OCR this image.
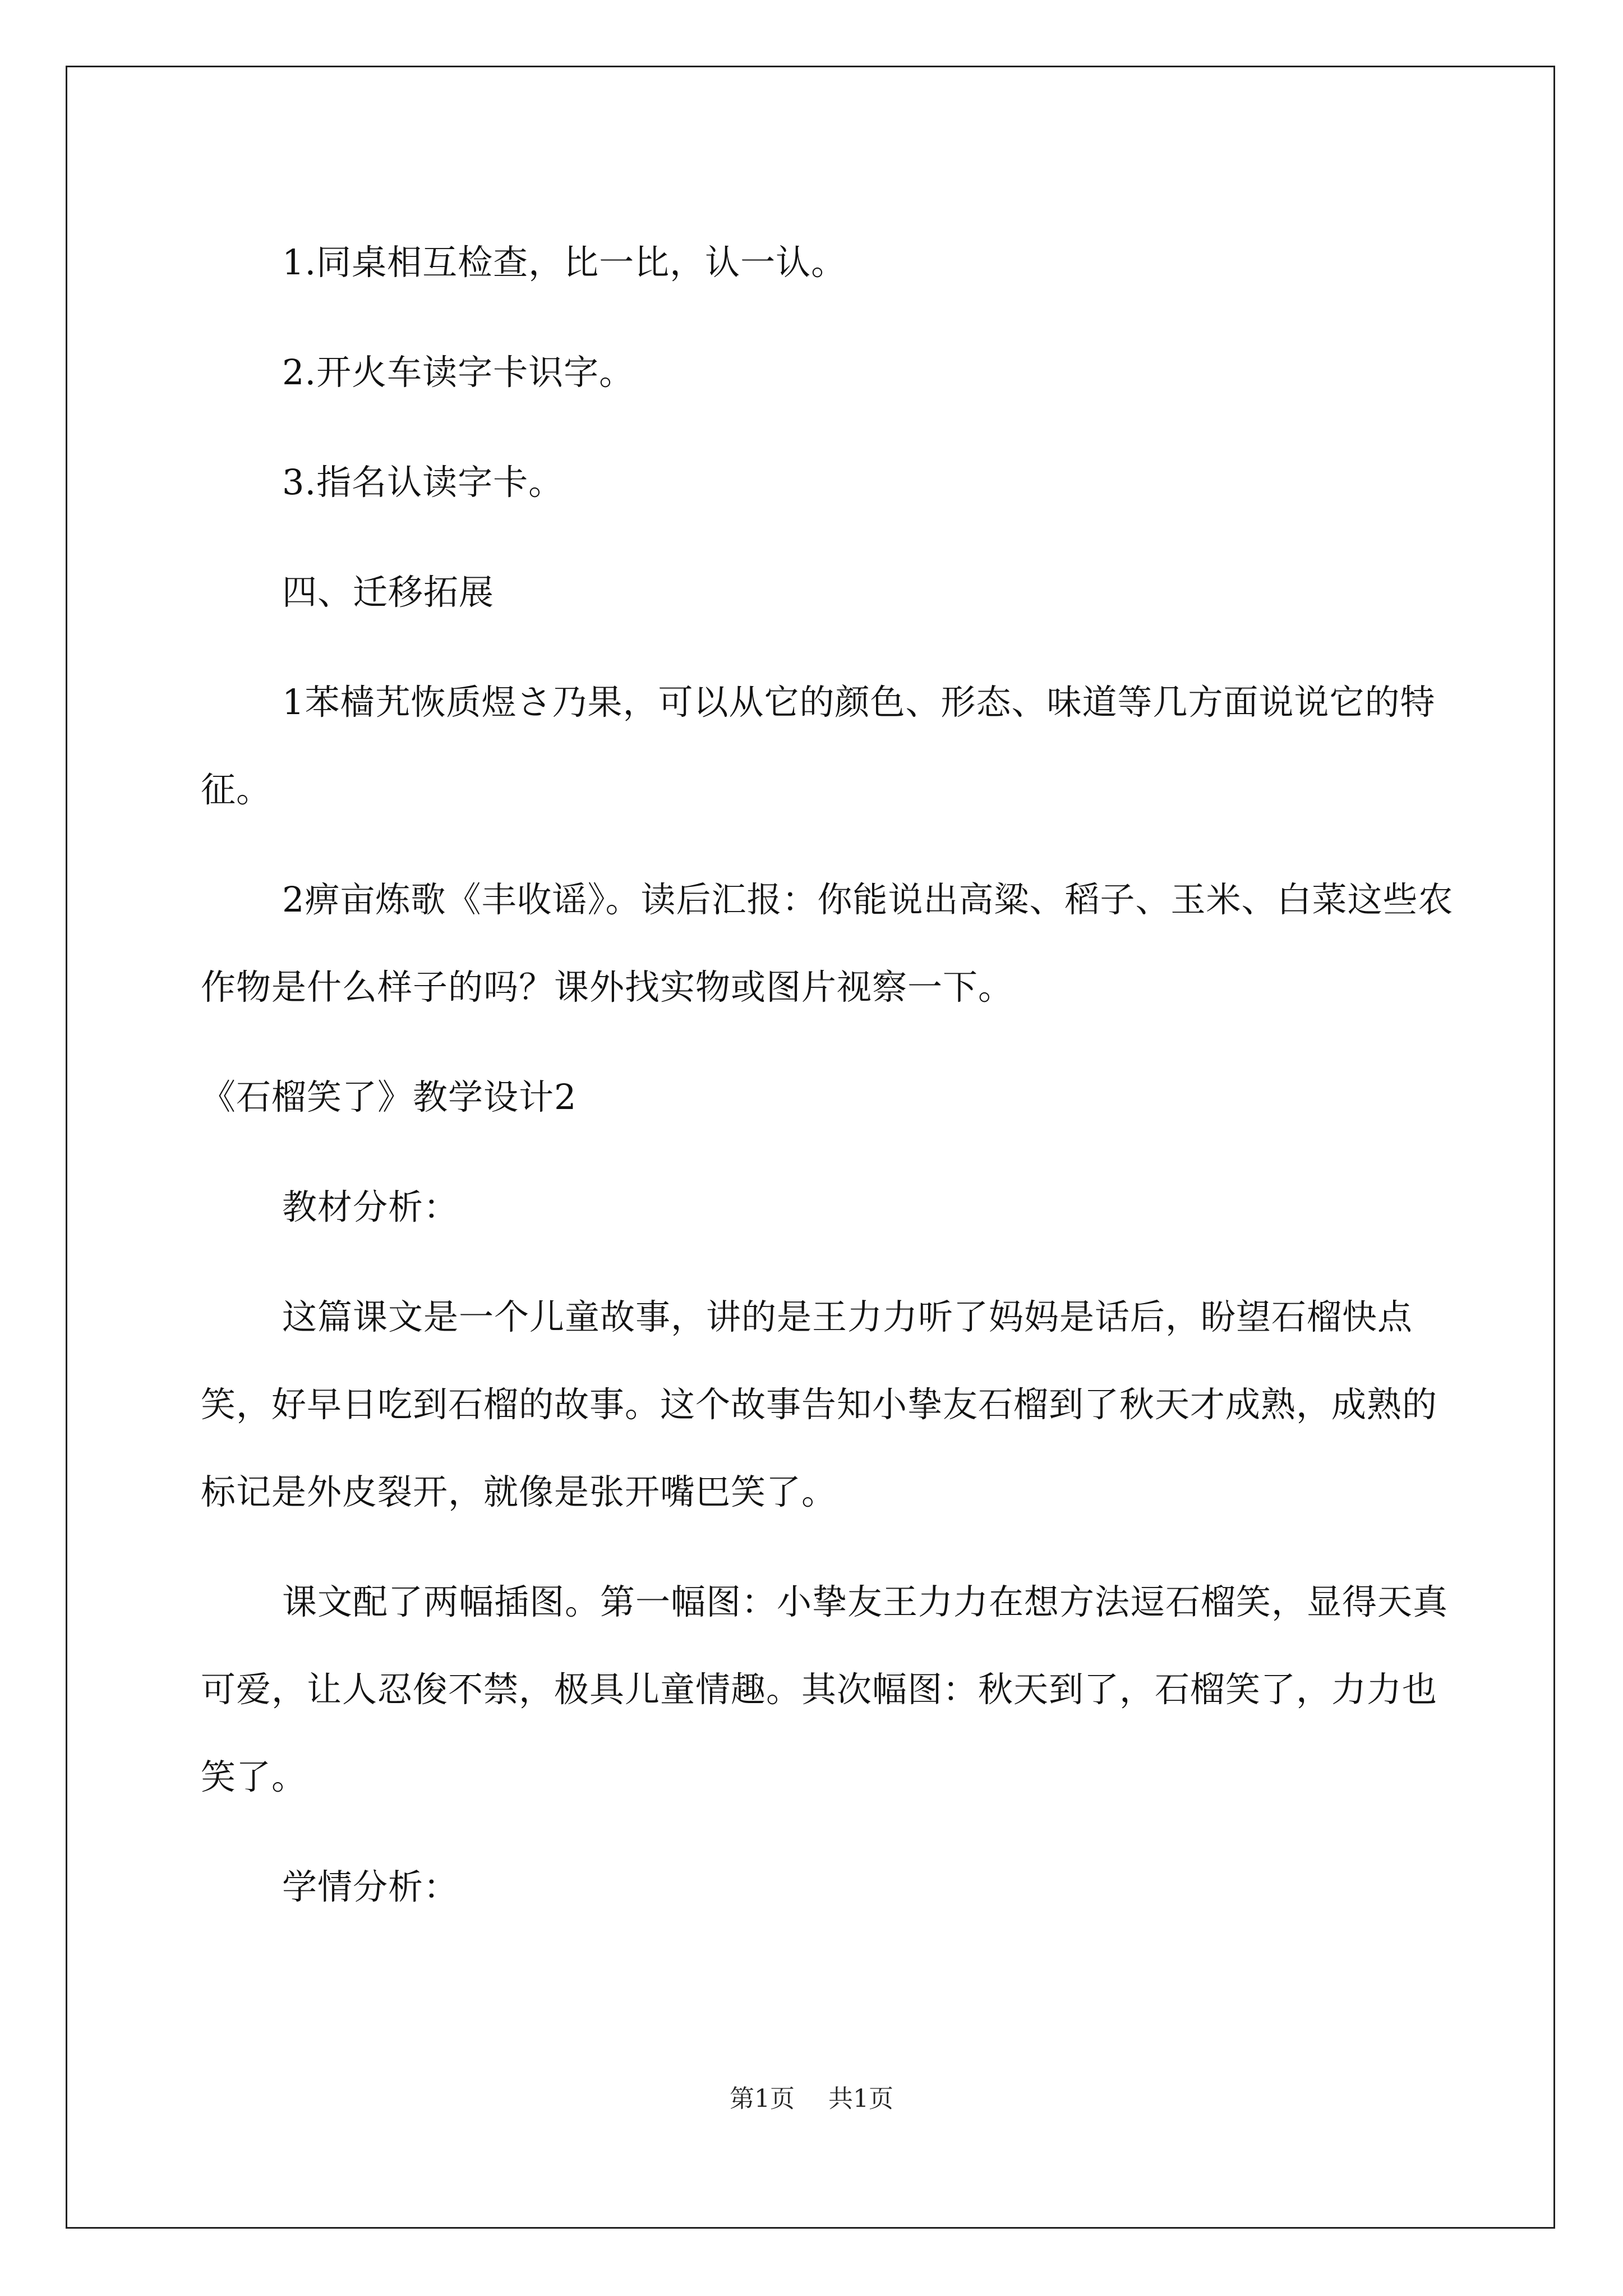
1.同桌相互检查，比一比，认一认。

2.开火车读字卡识字。

3.指名认读字卡。

四、迁移拓展

1苯樯艽恢质煜さ乃果，可以从它的颜色、形态、味道等几方面说说它的特征。

2痹亩炼歌《丰收谣》。读后汇报：你能说出高粱、稻子、玉米、白菜这些农作物是什么样子的吗？课外找实物或图片视察一下。

《石榴笑了》教学设计2

教材分析：

这篇课文是一个儿童故事，讲的是王力力听了妈妈是话后，盼望石榴快点笑，好早日吃到石榴的故事。这个故事告知小挚友石榴到了秋天才成熟，成熟的标记是外皮裂开，就像是张开嘴巴笑了。

课文配了两幅插图。第一幅图：小挚友王力力在想方法逗石榴笑，显得天真可爱，让人忍俊不禁，极具儿童情趣。其次幅图：秋天到了，石榴笑了，力力也笑了。

学情分析：

第1页 共1页
